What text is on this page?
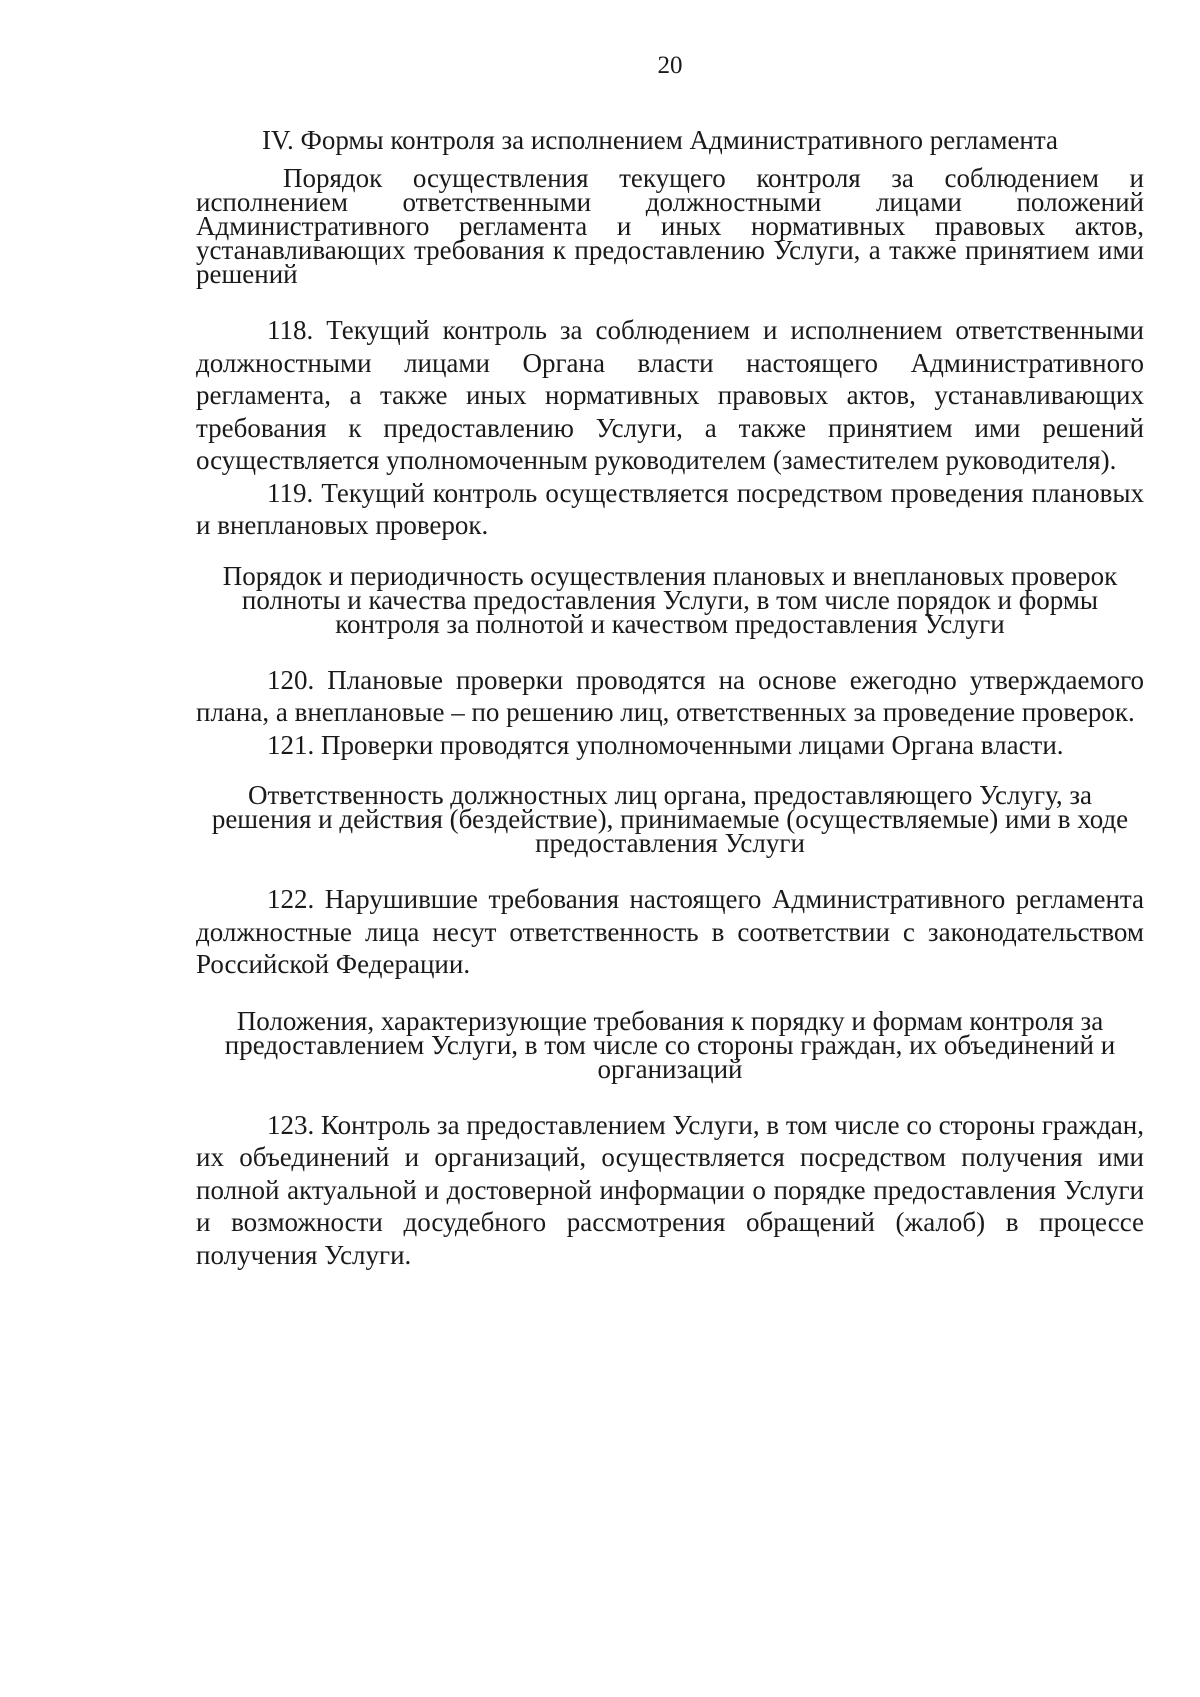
20
IV. Формы контроля за исполнением Административного регламента

Порядок осуществления текущего контроля за соблюдением и исполнением ответственными должностными лицами положений Административного регламента и иных нормативных правовых актов, устанавливающих требования к предоставлению Услуги, а также принятием ими решений

118. Текущий контроль за соблюдением и исполнением ответственными должностными лицами Органа власти настоящего Административного регламента, а также иных нормативных правовых актов, устанавливающих требования к предоставлению Услуги, а также принятием ими решений осуществляется уполномоченным руководителем (заместителем руководителя).

119. Текущий контроль осуществляется посредством проведения плановых и внеплановых проверок.

Порядок и периодичность осуществления плановых и внеплановых проверок полноты и качества предоставления Услуги, в том числе порядок и формы контроля за полнотой и качеством предоставления Услуги

120. Плановые проверки проводятся на основе ежегодно утверждаемого плана, а внеплановые – по решению лиц, ответственных за проведение проверок.

121. Проверки проводятся уполномоченными лицами Органа власти.

Ответственность должностных лиц органа, предоставляющего Услугу, за решения и действия (бездействие), принимаемые (осуществляемые) ими в ходе предоставления Услуги

122. Нарушившие требования настоящего Административного регламента должностные лица несут ответственность в соответствии с законодательством Российской Федерации.

Положения, характеризующие требования к порядку и формам контроля за предоставлением Услуги, в том числе со стороны граждан, их объединений и организаций

123. Контроль за предоставлением Услуги, в том числе со стороны граждан, их объединений и организаций, осуществляется посредством получения ими полной актуальной и достоверной информации о порядке предоставления Услуги и возможности досудебного рассмотрения обращений (жалоб) в процессе получения Услуги.
